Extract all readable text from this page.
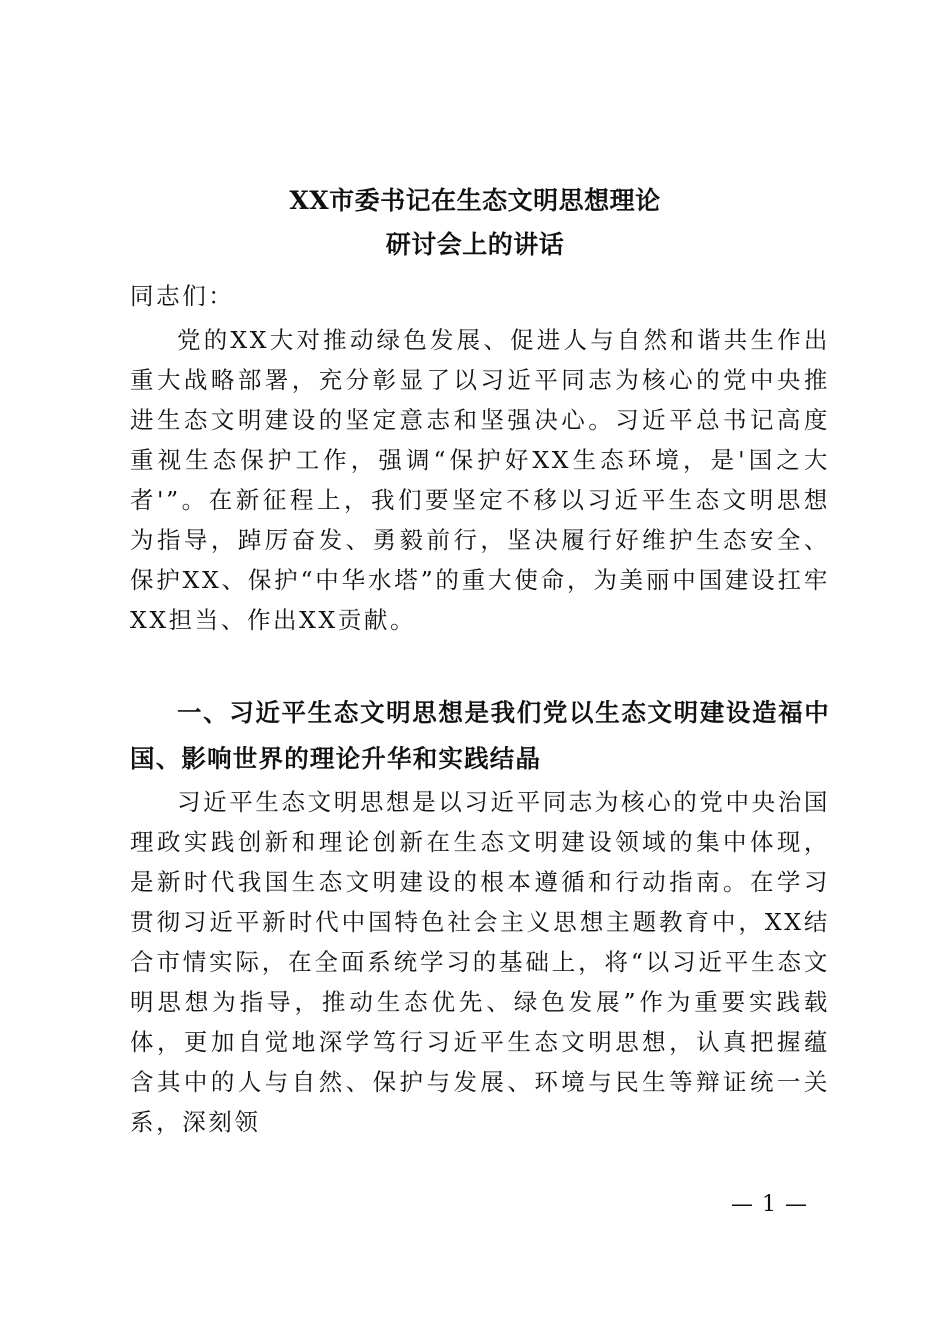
XX市委书记在生态文明思想理论
研讨会上的讲话

同志们：

党的XX大对推动绿色发展、促进人与自然和谐共生作出重大战略部署，充分彰显了以习近平同志为核心的党中央推进生态文明建设的坚定意志和坚强决心。习近平总书记高度重视生态保护工作，强调“保护好XX生态环境，是'国之大者'”。在新征程上，我们要坚定不移以习近平生态文明思想为指导，踔厉奋发、勇毅前行，坚决履行好维护生态安全、保护XX、保护“中华水塔”的重大使命，为美丽中国建设扛牢XX担当、作出XX贡献。

一、习近平生态文明思想是我们党以生态文明建设造福中国、影响世界的理论升华和实践结晶

习近平生态文明思想是以习近平同志为核心的党中央治国理政实践创新和理论创新在生态文明建设领域的集中体现，是新时代我国生态文明建设的根本遵循和行动指南。在学习贯彻习近平新时代中国特色社会主义思想主题教育中，XX结合市情实际，在全面系统学习的基础上，将“以习近平生态文明思想为指导，推动生态优先、绿色发展”作为重要实践载体，更加自觉地深学笃行习近平生态文明思想，认真把握蕴含其中的人与自然、保护与发展、环境与民生等辩证统一关系，深刻领

— 1 —
